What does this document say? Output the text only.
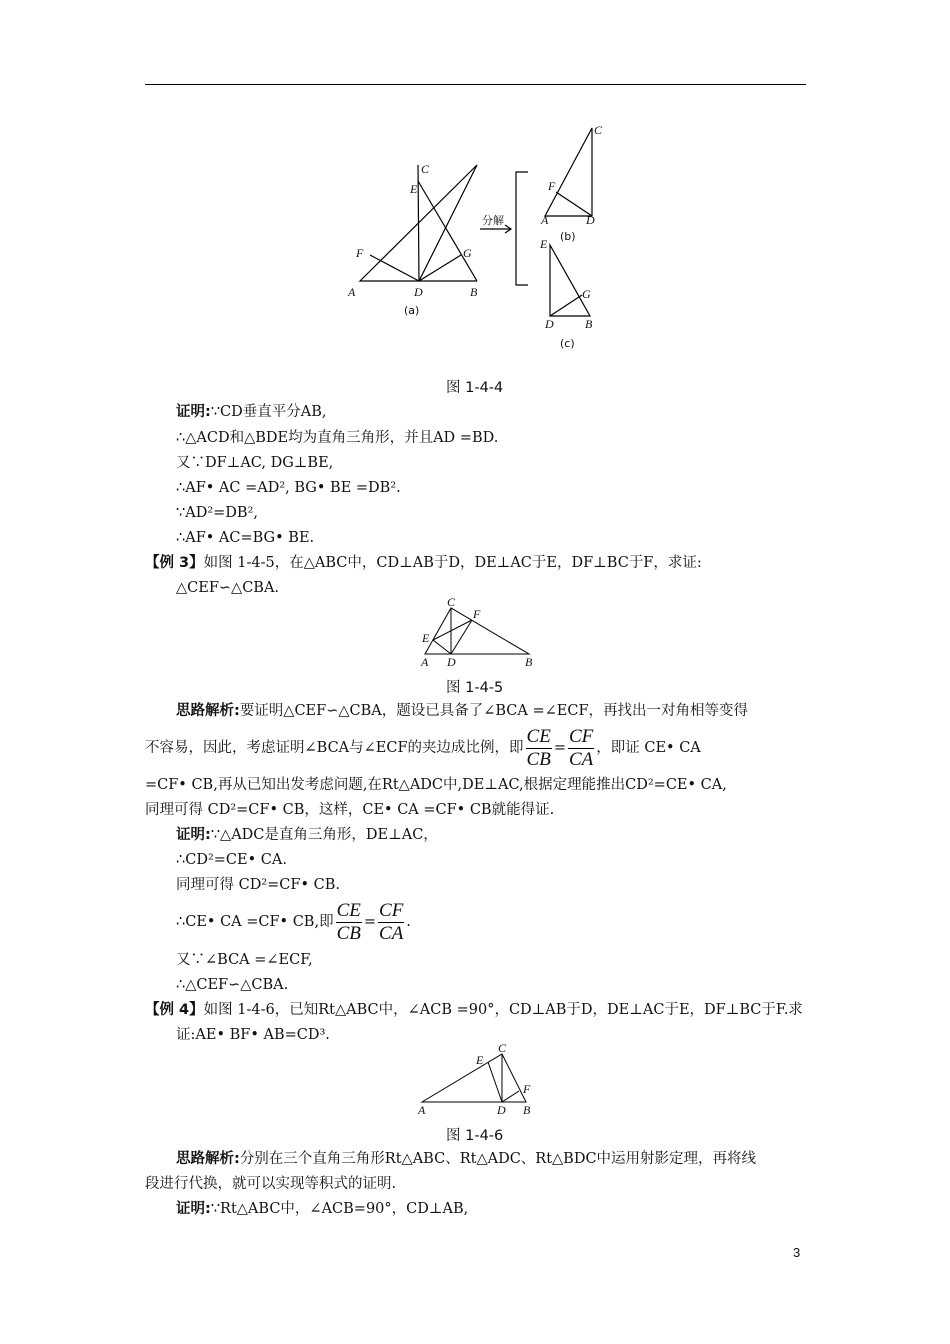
C
E
F	G
A	D	B
(a)
分解
C
F
A	D
(b)
E
G
D	B
(c)
图 1-4-4
证明:∵CD垂直平分AB,
∴△ACD和△BDE均为直角三角形，并且AD =BD.
又∵DF⊥AC, DG⊥BE,
∴AF• AC =AD², BG• BE =DB².
∵AD²=DB²,
∴AF• AC=BG• BE.
【例 3】如图 1-4-5，在△ABC中，CD⊥AB于D，DE⊥AC于E，DF⊥BC于F，求证:
△CEF∽△CBA.
C
F
E
A D	B
图 1-4-5
思路解析:要证明△CEF∽△CBA，题设已具备了∠BCA =∠ECF，再找出一对角相等变得
不容易，因此，考虑证明∠BCA与∠ECF的夹边成比例，即 $\frac{CE}{CB} = \frac{CF}{CA}$ ，即证 CE• CA
=CF• CB,再从已知出发考虑问题,在Rt△ADC中,DE⊥AC,根据定理能推出CD²=CE• CA,
同理可得 CD²=CF• CB，这样，CE• CA =CF• CB就能得证.
证明:∵△ADC是直角三角形，DE⊥AC，
∴CD²=CE• CA.
同理可得 CD²=CF• CB.
∴CE• CA =CF• CB,即 $\frac{CE}{CB} = \frac{CF}{CA}$ .
又∵∠BCA =∠ECF,
∴△CEF∽△CBA.
【例 4】如图 1-4-6，已知Rt△ABC中，∠ACB =90°，CD⊥AB于D，DE⊥AC于E，DF⊥BC于F.求
证:AE• BF• AB=CD³.
C
E
F
A	D B
图 1-4-6
思路解析:分别在三个直角三角形Rt△ABC、Rt△ADC、Rt△BDC中运用射影定理，再将线
段进行代换，就可以实现等积式的证明.
证明:∵Rt△ABC中，∠ACB=90°，CD⊥AB,
3
